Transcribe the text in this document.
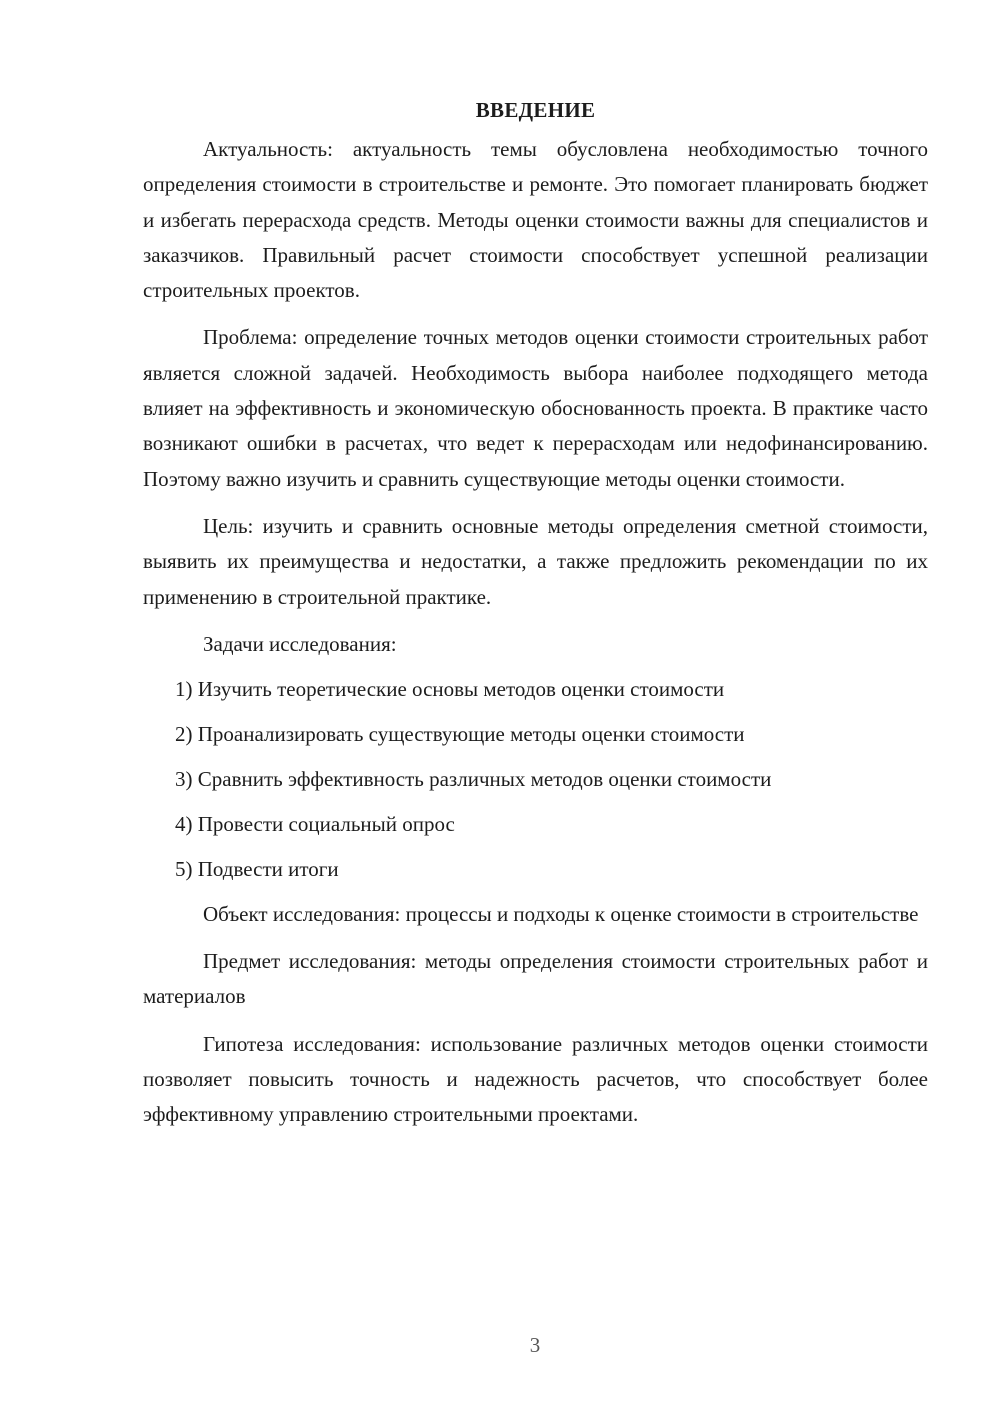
ВВЕДЕНИЕ

Актуальность: актуальность темы обусловлена необходимостью точного определения стоимости в строительстве и ремонте. Это помогает планировать бюджет и избегать перерасхода средств. Методы оценки стоимости важны для специалистов и заказчиков. Правильный расчет стоимости способствует успешной реализации строительных проектов.

Проблема: определение точных методов оценки стоимости строительных работ является сложной задачей. Необходимость выбора наиболее подходящего метода влияет на эффективность и экономическую обоснованность проекта. В практике часто возникают ошибки в расчетах, что ведет к перерасходам или недофинансированию. Поэтому важно изучить и сравнить существующие методы оценки стоимости.

Цель: изучить и сравнить основные методы определения сметной стоимости, выявить их преимущества и недостатки, а также предложить рекомендации по их применению в строительной практике.

Задачи исследования:
1) Изучить теоретические основы методов оценки стоимости
2) Проанализировать существующие методы оценки стоимости
3) Сравнить эффективность различных методов оценки стоимости
4) Провести социальный опрос
5) Подвести итоги

Объект исследования: процессы и подходы к оценке стоимости в строительстве

Предмет исследования: методы определения стоимости строительных работ и материалов

Гипотеза исследования: использование различных методов оценки стоимости позволяет повысить точность и надежность расчетов, что способствует более эффективному управлению строительными проектами.

3
